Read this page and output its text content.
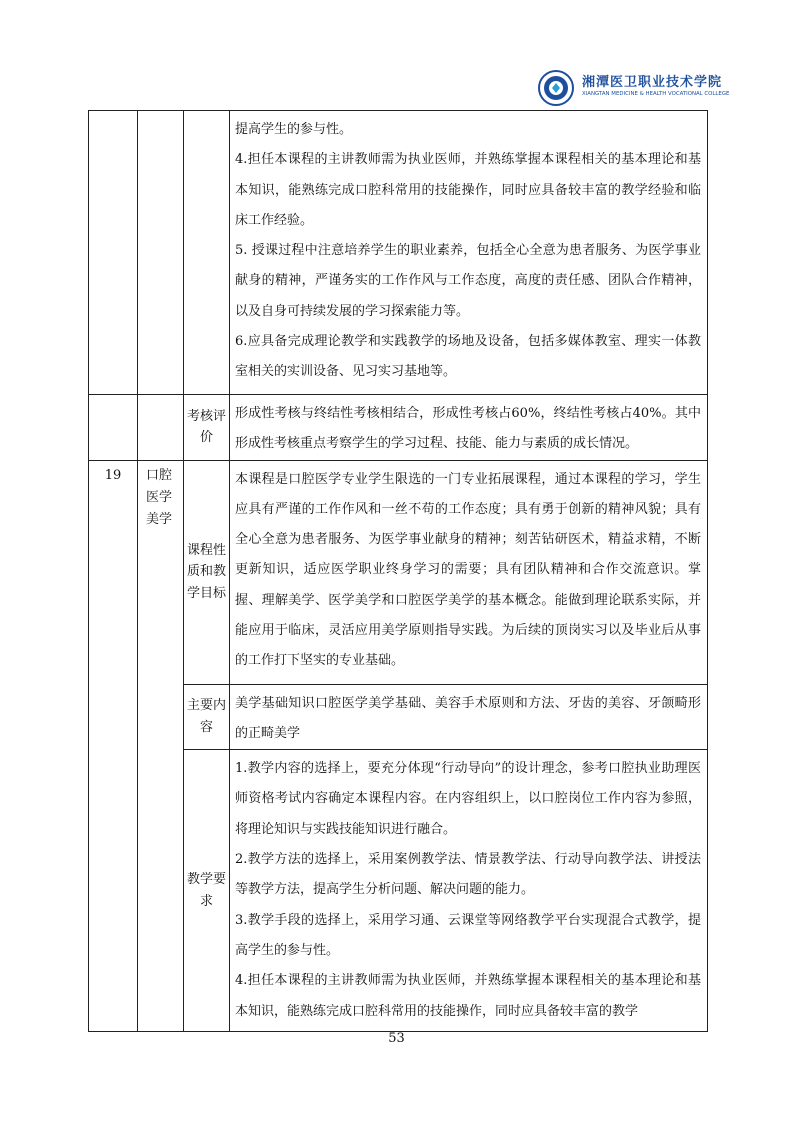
湘潭医卫职业技术学院
XIANGTAN MEDICINE & HEALTH VOCATIONAL COLLEGE

			提高学生的参与性。

4.担任本课程的主讲教师需为执业医师，并熟练掌握本课程相关的基本理论和基本知识，能熟练完成口腔科常用的技能操作，同时应具备较丰富的教学经验和临床工作经验。

5. 授课过程中注意培养学生的职业素养，包括全心全意为患者服务、为医学事业献身的精神，严谨务实的工作作风与工作态度，高度的责任感、团队合作精神，以及自身可持续发展的学习探索能力等。

6.应具备完成理论教学和实践教学的场地及设备，包括多媒体教室、理实一体教室相关的实训设备、见习实习基地等。

		考核评价	形成性考核与终结性考核相结合，形成性考核占60%，终结性考核占40%。其中形成性考核重点考察学生的学习过程、技能、能力与素质的成长情况。

19	口腔医学美学	课程性质和教学目标	本课程是口腔医学专业学生限选的一门专业拓展课程，通过本课程的学习，学生应具有严谨的工作作风和一丝不苟的工作态度；具有勇于创新的精神风貌；具有全心全意为患者服务、为医学事业献身的精神；刻苦钻研医术，精益求精，不断更新知识，适应医学职业终身学习的需要；具有团队精神和合作交流意识。掌握、理解美学、医学美学和口腔医学美学的基本概念。能做到理论联系实际，并能应用于临床，灵活应用美学原则指导实践。为后续的顶岗实习以及毕业后从事的工作打下坚实的专业基础。

		主要内容	美学基础知识口腔医学美学基础、美容手术原则和方法、牙齿的美容、牙颌畸形的正畸美学

		教学要求	1.教学内容的选择上，要充分体现“行动导向”的设计理念，参考口腔执业助理医师资格考试内容确定本课程内容。在内容组织上，以口腔岗位工作内容为参照，将理论知识与实践技能知识进行融合。

2.教学方法的选择上，采用案例教学法、情景教学法、行动导向教学法、讲授法等教学方法，提高学生分析问题、解决问题的能力。

3.教学手段的选择上，采用学习通、云课堂等网络教学平台实现混合式教学，提高学生的参与性。

4.担任本课程的主讲教师需为执业医师，并熟练掌握本课程相关的基本理论和基本知识，能熟练完成口腔科常用的技能操作，同时应具备较丰富的教学

53
